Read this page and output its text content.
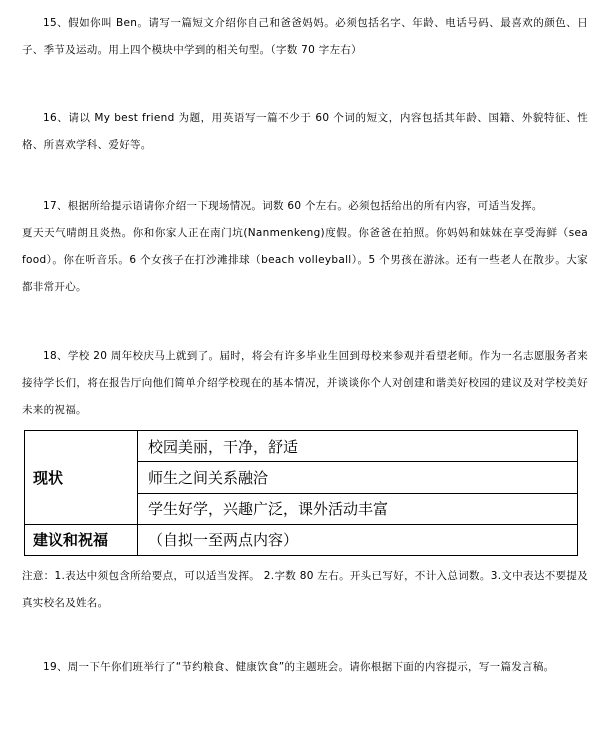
15、假如你叫 Ben。请写一篇短文介绍你自己和爸爸妈妈。必须包括名字、年龄、电话号码、最喜欢的颜色、日子、季节及运动。用上四个模块中学到的相关句型。（字数 70 字左右）

16、请以 My best friend 为题，用英语写一篇不少于 60 个词的短文，内容包括其年龄、国籍、外貌特征、性格、所喜欢学科、爱好等。

17、根据所给提示语请你介绍一下现场情况。词数 60 个左右。必须包括给出的所有内容，可适当发挥。

夏天天气晴朗且炎热。你和你家人正在南门坑(Nanmenkeng)度假。你爸爸在拍照。你妈妈和妹妹在享受海鲜（sea food）。你在听音乐。6 个女孩子在打沙滩排球（beach volleyball）。5 个男孩在游泳。还有一些老人在散步。大家都非常开心。

18、学校 20 周年校庆马上就到了。届时，将会有许多毕业生回到母校来参观并看望老师。作为一名志愿服务者来接待学长们，将在报告厅向他们简单介绍学校现在的基本情况，并谈谈你个人对创建和谐美好校园的建议及对学校美好未来的祝福。

现状	校园美丽，干净，舒适
	师生之间关系融洽
	学生好学，兴趣广泛，课外活动丰富
建议和祝福	（自拟一至两点内容）

注意：1.表达中须包含所给要点，可以适当发挥。 2.字数 80 左右。开头已写好，不计入总词数。3.文中表达不要提及真实校名及姓名。

19、周一下午你们班举行了“节约粮食、健康饮食”的主题班会。请你根据下面的内容提示，写一篇发言稿。
